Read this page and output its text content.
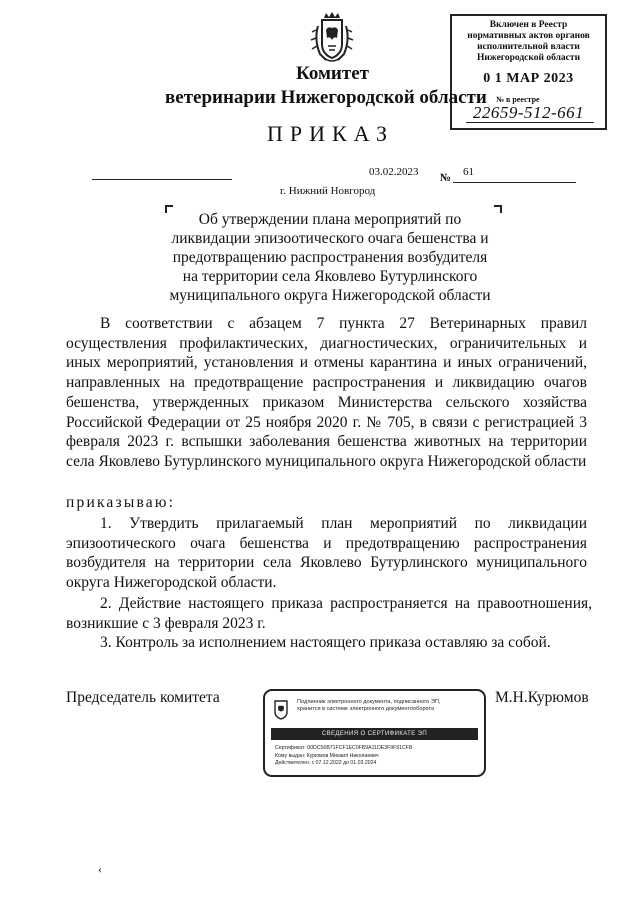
Включен в Реестр
нормативных актов органов
исполнительной власти
Нижегородской области
0 1 МАР 2023
№ в реестре
22659-512-661
Комитет
ветеринарии Нижегородской области
ПРИКАЗ
03.02.2023 № 61
г. Нижний Новгород
Об утверждении плана мероприятий по
ликвидации эпизоотического очага бешенства и
предотвращению распространения возбудителя
на территории села Яковлево Бутурлинского
муниципального округа Нижегородской области
В соответствии с абзацем 7 пункта 27 Ветеринарных правил осуществления профилактических, диагностических, ограничительных и иных мероприятий, установления и отмены карантина и иных ограничений, направленных на предотвращение распространения и ликвидацию очагов бешенства, утвержденных приказом Министерства сельского хозяйства Российской Федерации от 25 ноября 2020 г. № 705, в связи с регистрацией 3 февраля 2023 г. вспышки заболевания бешенства животных на территории села Яковлево Бутурлинского муниципального округа Нижегородской области
приказываю:
1. Утвердить прилагаемый план мероприятий по ликвидации эпизоотического очага бешенства и предотвращению распространения возбудителя на территории села Яковлево Бутурлинского муниципального округа Нижегородской области.
2. Действие настоящего приказа распространяется на правоотношения, возникшие с 3 февраля 2023 г.
3. Контроль за исполнением настоящего приказа оставляю за собой.
Председатель комитета	М.Н.Курюмов
Подлинник электронного документа, подписанного ЭП,
хранится в системе электронного документооборота
СВЕДЕНИЯ О СЕРТИФИКАТЕ ЭП
Сертификат: 00DC56B71FCF1EC0FB9A11DE3F9F91CFB
Кому выдан: Курюмов Михаил Николаевич
Действителен: с 07.12.2022 до 01.03.2024
‹
